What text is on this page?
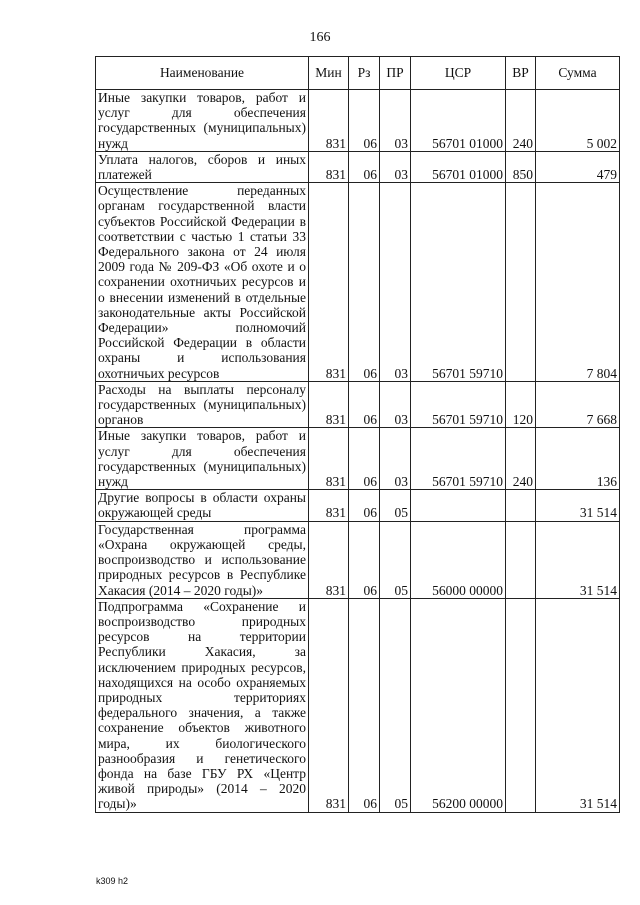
166
Наименование	Мин	Рз	ПР	ЦСР	ВР	Сумма
Иные закупки товаров, работ и услуг для обеспечения государственных (муниципальных) нужд	831	06	03	56701 01000	240	5 002
Уплата налогов, сборов и иных платежей	831	06	03	56701 01000	850	479
Осуществление переданных органам государственной власти субъектов Российской Федерации в соответствии с частью 1 статьи 33 Федерального закона от 24 июля 2009 года № 209-ФЗ «Об охоте и о сохранении охотничьих ресурсов и о внесении изменений в отдельные законодательные акты Российской Федерации» полномочий Российской Федерации в области охраны и использования охотничьих ресурсов	831	06	03	56701 59710		7 804
Расходы на выплаты персоналу государственных (муниципальных) органов	831	06	03	56701 59710	120	7 668
Иные закупки товаров, работ и услуг для обеспечения государственных (муниципальных) нужд	831	06	03	56701 59710	240	136
Другие вопросы в области охраны окружающей среды	831	06	05			31 514
Государственная программа «Охрана окружающей среды, воспроизводство и использование природных ресурсов в Республике Хакасия (2014 – 2020 годы)»	831	06	05	56000 00000		31 514
Подпрограмма «Сохранение и воспроизводство природных ресурсов на территории Республики Хакасия, за исключением природных ресурсов, находящихся на особо охраняемых природных территориях федерального значения, а также сохранение объектов животного мира, их биологического разнообразия и генетического фонда на базе ГБУ РХ «Центр живой природы» (2014 – 2020 годы)»	831	06	05	56200 00000		31 514
k309 h2
